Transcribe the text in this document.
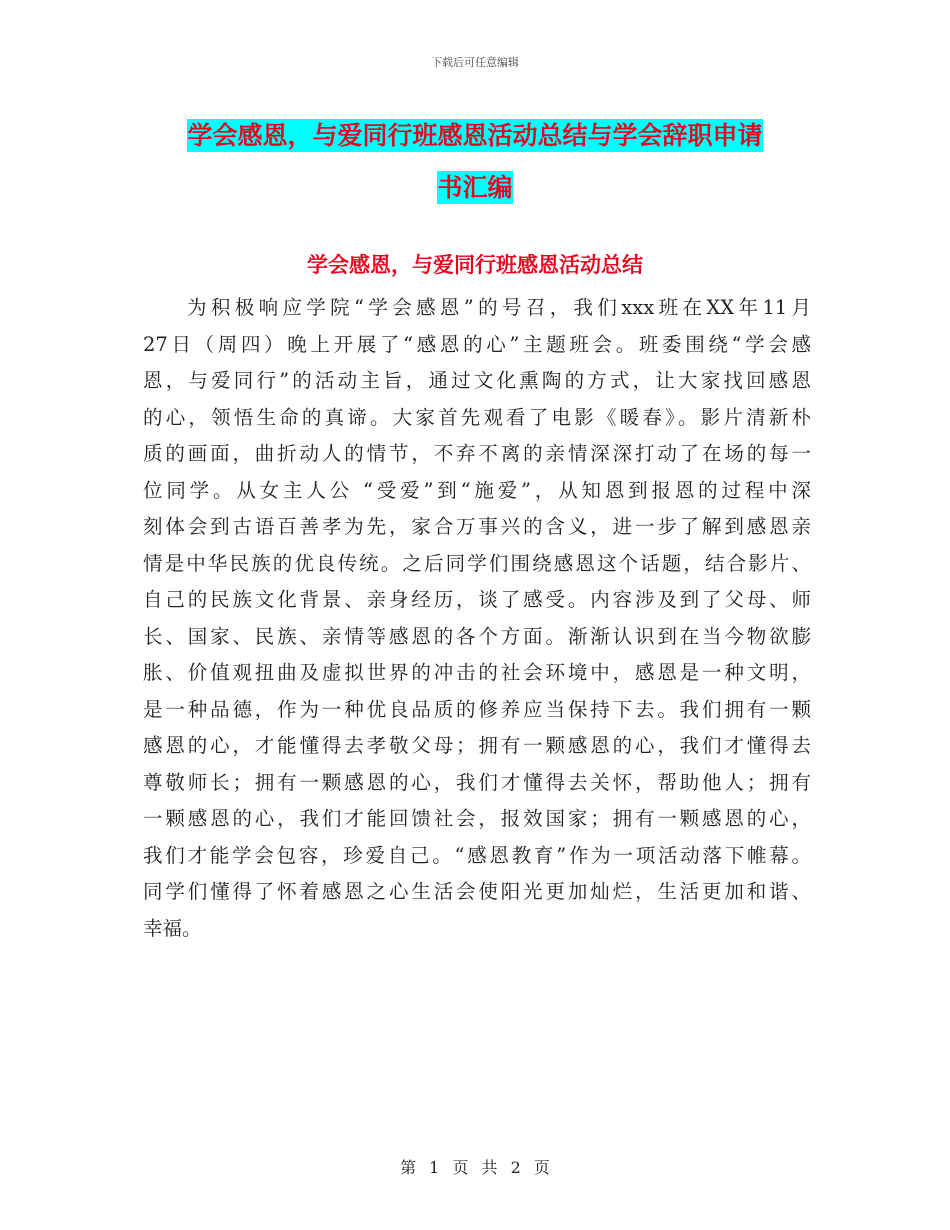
下载后可任意编辑
学会感恩，与爱同行班感恩活动总结与学会辞职申请
书汇编
学会感恩，与爱同行班感恩活动总结
为积极响应学院“学会感恩”的号召，我们xxx班在XX年11月
27日（周四）晚上开展了“感恩的心”主题班会。班委围绕“学会感
恩，与爱同行”的活动主旨，通过文化熏陶的方式，让大家找回感恩
的心，领悟生命的真谛。大家首先观看了电影《暖春》。影片清新朴
质的画面，曲折动人的情节，不弃不离的亲情深深打动了在场的每一
位同学。从女主人公 “受爱”到“施爱”，从知恩到报恩的过程中深
刻体会到古语百善孝为先，家合万事兴的含义，进一步了解到感恩亲
情是中华民族的优良传统。之后同学们围绕感恩这个话题，结合影片、
自己的民族文化背景、亲身经历，谈了感受。内容涉及到了父母、师
长、国家、民族、亲情等感恩的各个方面。渐渐认识到在当今物欲膨
胀、价值观扭曲及虚拟世界的冲击的社会环境中，感恩是一种文明，
是一种品德，作为一种优良品质的修养应当保持下去。我们拥有一颗
感恩的心，才能懂得去孝敬父母；拥有一颗感恩的心，我们才懂得去
尊敬师长；拥有一颗感恩的心，我们才懂得去关怀，帮助他人；拥有
一颗感恩的心，我们才能回馈社会，报效国家；拥有一颗感恩的心，
我们才能学会包容，珍爱自己。“感恩教育”作为一项活动落下帷幕。
同学们懂得了怀着感恩之心生活会使阳光更加灿烂，生活更加和谐、
幸福。
第 1 页 共 2 页
